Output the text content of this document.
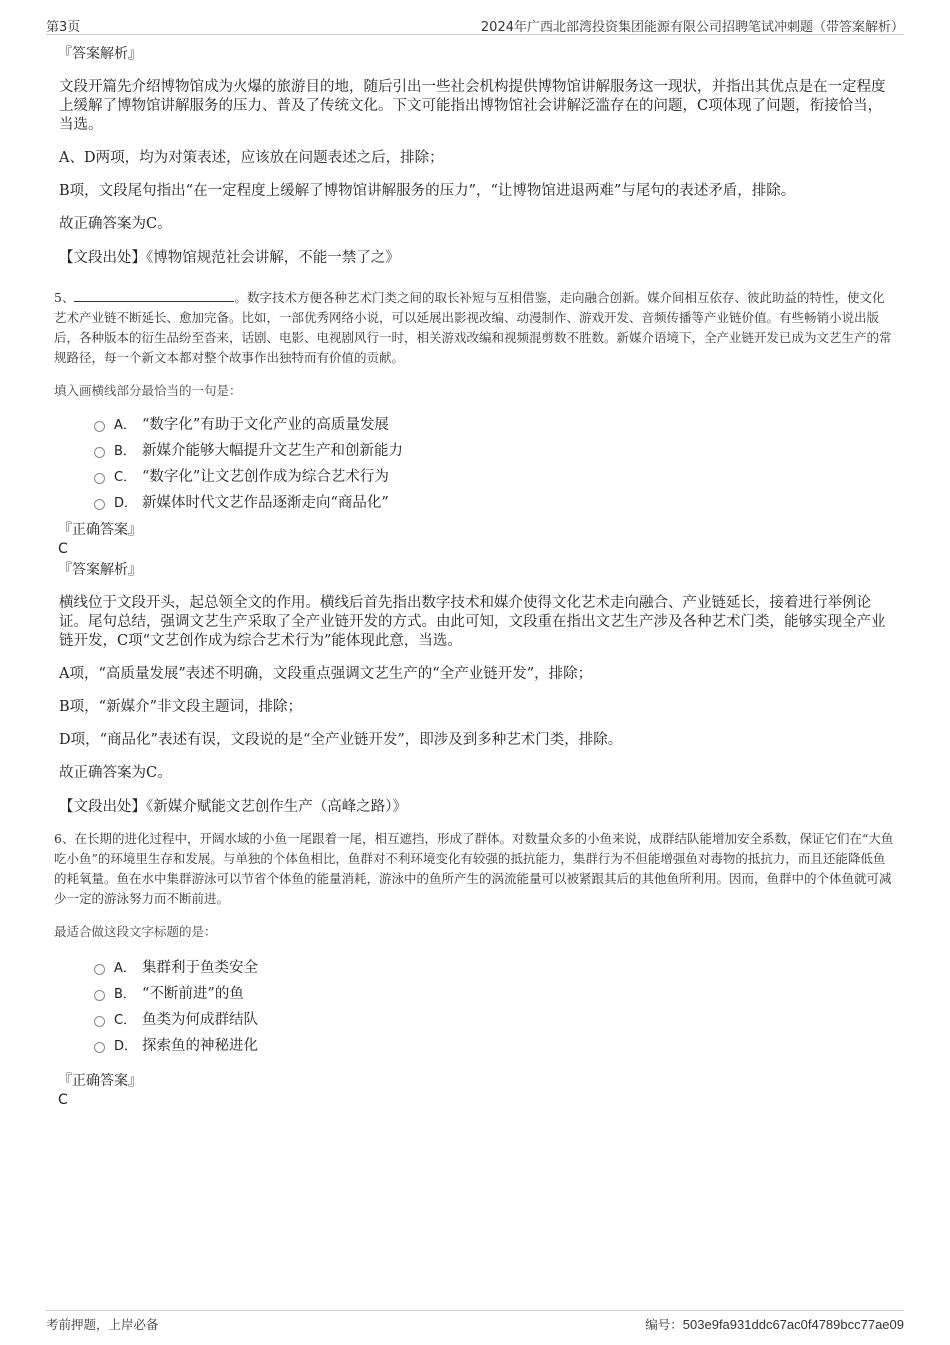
第3页	2024年广西北部湾投资集团能源有限公司招聘笔试冲刺题（带答案解析）
『答案解析』

文段开篇先介绍博物馆成为火爆的旅游目的地，随后引出一些社会机构提供博物馆讲解服务这一现状，并指出其优点是在一定程度上缓解了博物馆讲解服务的压力、普及了传统文化。下文可能指出博物馆社会讲解泛滥存在的问题，C项体现了问题，衔接恰当，当选。

A、D两项，均为对策表述，应该放在问题表述之后，排除；

B项，文段尾句指出“在一定程度上缓解了博物馆讲解服务的压力”，“让博物馆进退两难”与尾句的表述矛盾，排除。

故正确答案为C。

【文段出处】《博物馆规范社会讲解，不能一禁了之》

5、	。数字技术方便各种艺术门类之间的取长补短与互相借鉴，走向融合创新。媒介间相互依存、彼此助益的特性，使文化艺术产业链不断延长、愈加完备。比如，一部优秀网络小说，可以延展出影视改编、动漫制作、游戏开发、音频传播等产业链价值。有些畅销小说出版后，各种版本的衍生品纷至沓来，话剧、电影、电视剧风行一时，相关游戏改编和视频混剪数不胜数。新媒介语境下，全产业链开发已成为文艺生产的常规路径，每一个新文本都对整个故事作出独特而有价值的贡献。

填入画横线部分最恰当的一句是：

A． “数字化”有助于文化产业的高质量发展
B． 新媒介能够大幅提升文艺生产和创新能力
C． “数字化”让文艺创作成为综合艺术行为
D． 新媒体时代文艺作品逐渐走向“商品化”
『正确答案』
C
『答案解析』

横线位于文段开头，起总领全文的作用。横线后首先指出数字技术和媒介使得文化艺术走向融合、产业链延长，接着进行举例论证。尾句总结，强调文艺生产采取了全产业链开发的方式。由此可知，文段重在指出文艺生产涉及各种艺术门类，能够实现全产业链开发，C项“文艺创作成为综合艺术行为”能体现此意，当选。

A项，“高质量发展”表述不明确，文段重点强调文艺生产的“全产业链开发”，排除；

B项，“新媒介”非文段主题词，排除；

D项，“商品化”表述有误，文段说的是“全产业链开发”，即涉及到多种艺术门类，排除。

故正确答案为C。

【文段出处】《新媒介赋能文艺创作生产（高峰之路）》

6、在长期的进化过程中，开阔水域的小鱼一尾跟着一尾，相互遮挡，形成了群体。对数量众多的小鱼来说，成群结队能增加安全系数，保证它们在“大鱼吃小鱼”的环境里生存和发展。与单独的个体鱼相比，鱼群对不利环境变化有较强的抵抗能力，集群行为不但能增强鱼对毒物的抵抗力，而且还能降低鱼的耗氧量。鱼在水中集群游泳可以节省个体鱼的能量消耗，游泳中的鱼所产生的涡流能量可以被紧跟其后的其他鱼所利用。因而，鱼群中的个体鱼就可减少一定的游泳努力而不断前进。

最适合做这段文字标题的是：

A． 集群利于鱼类安全
B． “不断前进”的鱼
C． 鱼类为何成群结队
D． 探索鱼的神秘进化
『正确答案』
C
考前押题，上岸必备	编号：503e9fa931ddc67ac0f4789bcc77ae09
